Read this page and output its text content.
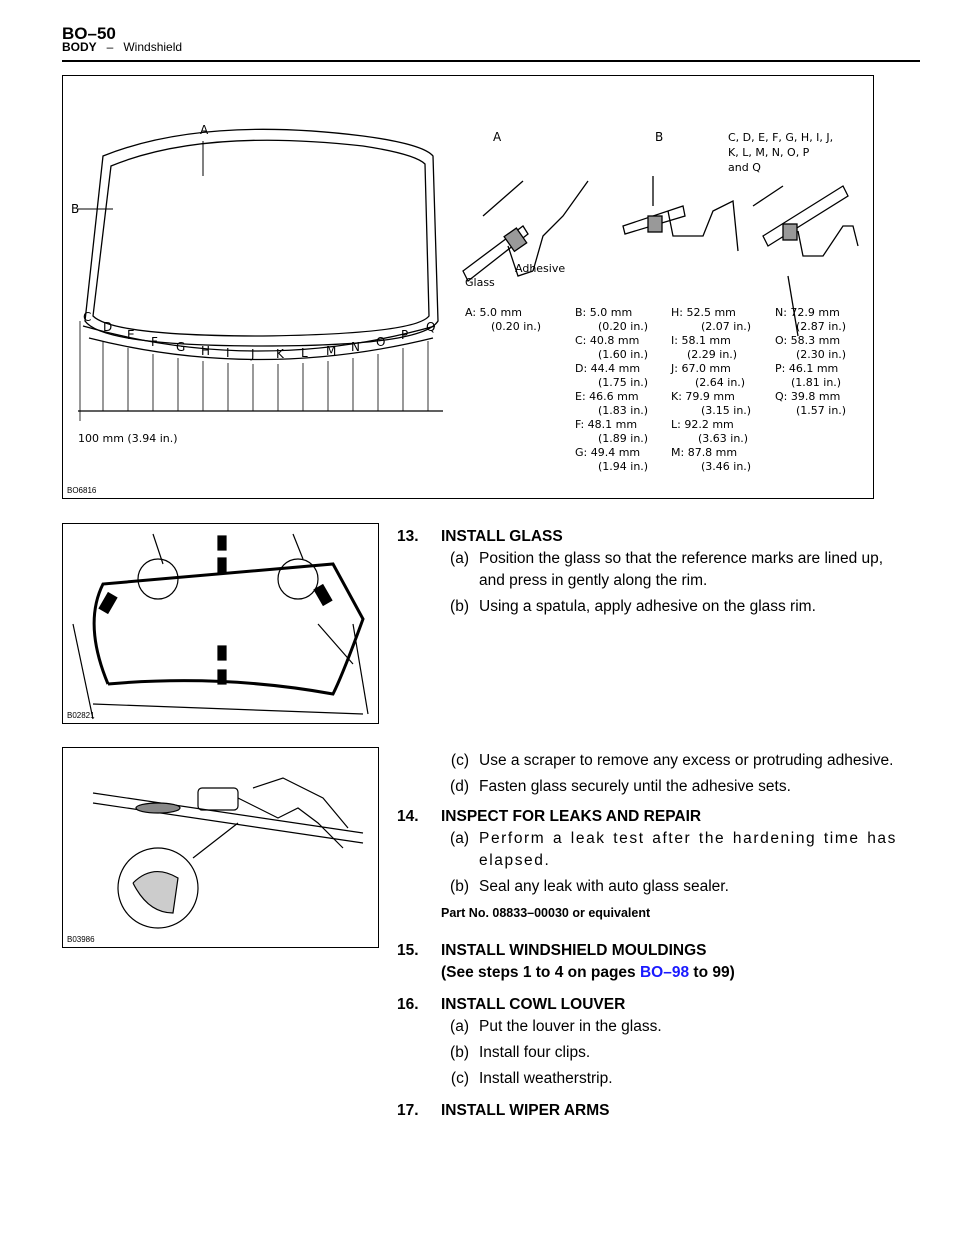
BO–50
BODY – Windshield
A
B
A	B	C, D, E, F, G, H, I, J,
K, L, M, N, O, P
and Q
Glass
Adhesive
100 mm (3.94 in.)
C
D
E F G H I J K L M N O P
Q
A: 5.0 mm
(0.20 in.)
B: 5.0 mm
(0.20 in.)
C: 40.8 mm
(1.60 in.)
D: 44.4 mm
(1.75 in.)
E: 46.6 mm
(1.83 in.)
F: 48.1 mm
(1.89 in.)
G: 49.4 mm
(1.94 in.)
H: 52.5 mm
(2.07 in.)
I: 58.1 mm
(2.29 in.)
J: 67.0 mm
(2.64 in.)
K: 79.9 mm
(3.15 in.)
L: 92.2 mm
(3.63 in.)
M: 87.8 mm
(3.46 in.)
N: 72.9 mm
(2.87 in.)
O: 58.3 mm
(2.30 in.)
P: 46.1 mm
(1.81 in.)
Q: 39.8 mm
(1.57 in.)
BO6816
B02821
B03986
13. INSTALL GLASS
(a) Position the glass so that the reference marks are lined up, and press in gently along the rim.
(b) Using a spatula, apply adhesive on the glass rim.
(c) Use a scraper to remove any excess or protruding adhesive.
(d) Fasten glass securely until the adhesive sets.
14. INSPECT FOR LEAKS AND REPAIR
(a) Perform a leak test after the hardening time has elapsed.
(b) Seal any leak with auto glass sealer.
Part No. 08833–00030 or equivalent
15. INSTALL WINDSHIELD MOULDINGS
(See steps 1 to 4 on pages BO–98 to 99)
16. INSTALL COWL LOUVER
(a) Put the louver in the glass.
(b) Install four clips.
(c) Install weatherstrip.
17. INSTALL WIPER ARMS
